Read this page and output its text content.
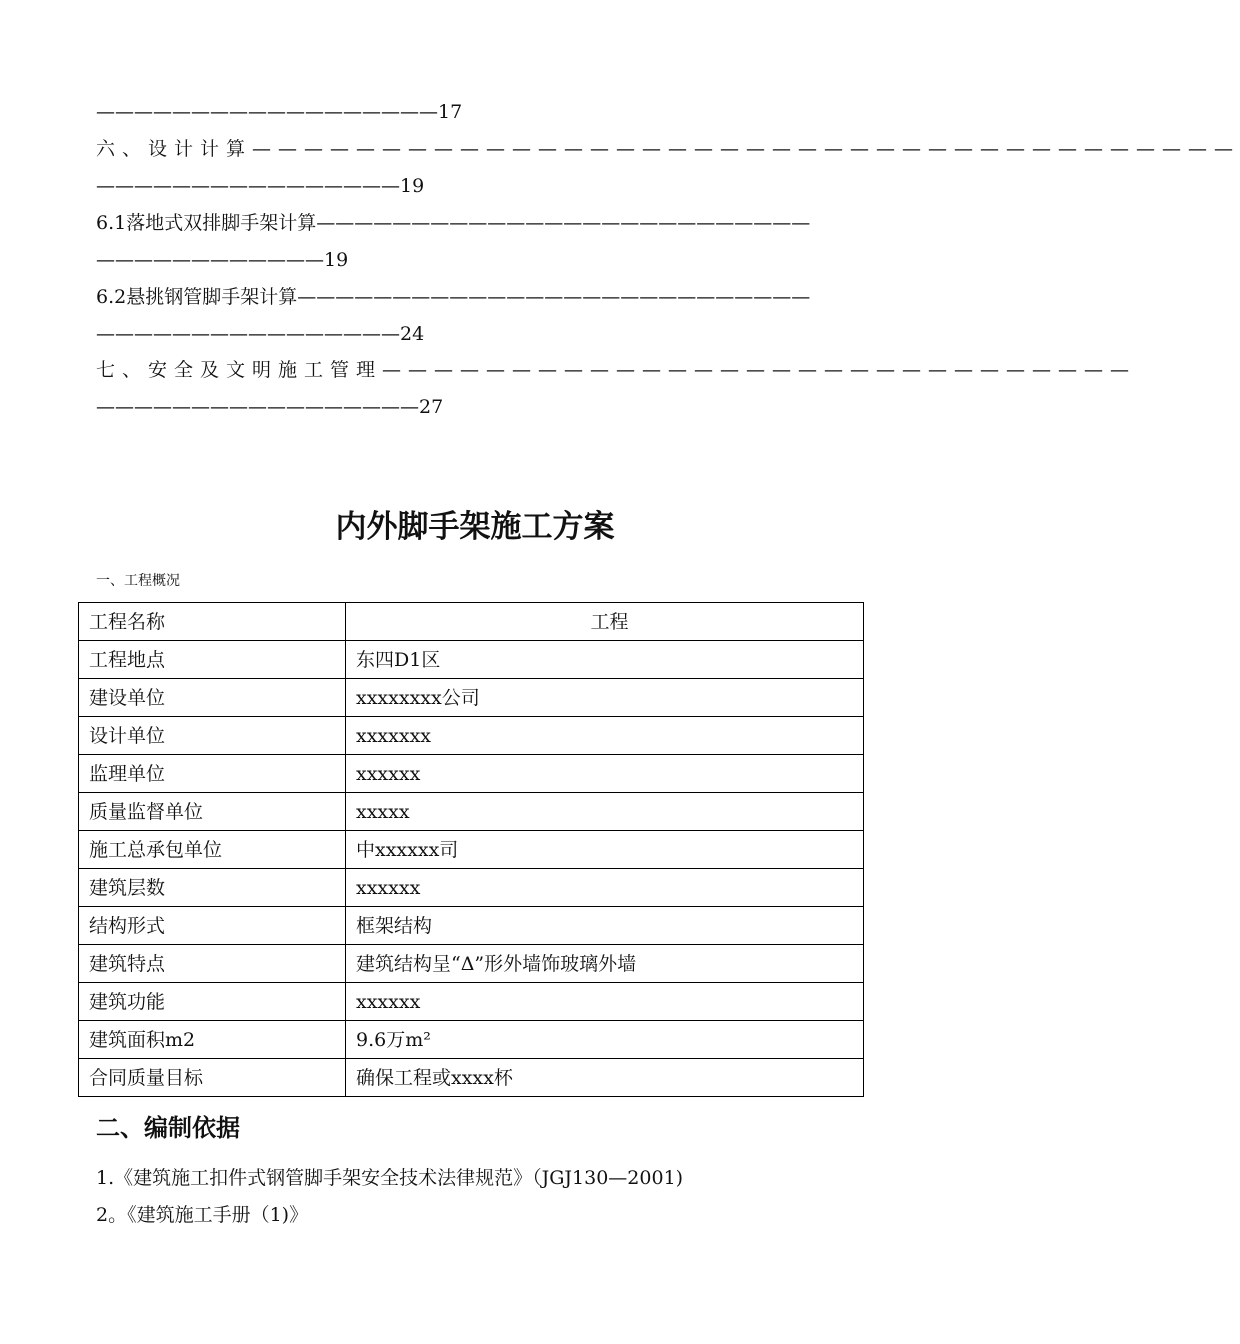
——————————————————17
六、设计计算——————————————————————————————————————
————————————————19
6.1落地式双排脚手架计算——————————————————————————
————————————19
6.2悬挑钢管脚手架计算———————————————————————————
————————————————24
七、安全及文明施工管理—————————————————————————————
—————————————————27
内外脚手架施工方案
一、工程概况
工程名称	工程
工程地点	东四D1区
建设单位	xxxxxxxx公司
设计单位	xxxxxxx
监理单位	xxxxxx
质量监督单位	xxxxx
施工总承包单位	中xxxxxx司
建筑层数	xxxxxx
结构形式	框架结构
建筑特点	建筑结构呈“Δ”形外墙饰玻璃外墙
建筑功能	xxxxxx
建筑面积m2	9.6万m²
合同质量目标	确保工程或xxxx杯
二、编制依据
1.《建筑施工扣件式钢管脚手架安全技术法律规范》（JGJ130—2001)
2。《建筑施工手册（1)》
